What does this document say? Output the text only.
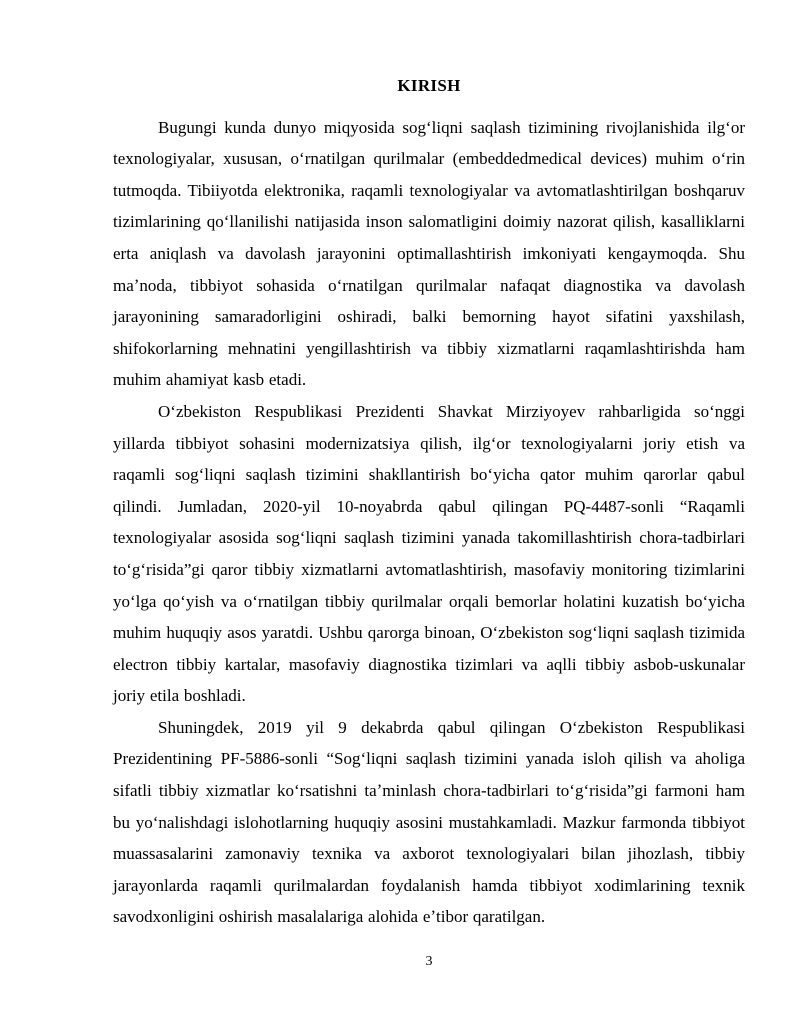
KIRISH

Bugungi kunda dunyo miqyosida sogʻliqni saqlash tizimining rivojlanishida ilgʻor texnologiyalar, xususan, oʻrnatilgan qurilmalar (embeddedmedical devices) muhim oʻrin tutmoqda. Tibiiyotda elektronika, raqamli texnologiyalar va avtomatlashtirilgan boshqaruv tizimlarining qoʻllanilishi natijasida inson salomatligini doimiy nazorat qilish, kasalliklarni erta aniqlash va davolash jarayonini optimallashtirish imkoniyati kengaymoqda. Shu maʼnoda, tibbiyot sohasida oʻrnatilgan qurilmalar nafaqat diagnostika va davolash jarayonining samaradorligini oshiradi, balki bemorning hayot sifatini yaxshilash, shifokorlarning mehnatini yengillashtirish va tibbiy xizmatlarni raqamlashtirishda ham muhim ahamiyat kasb etadi.

Oʻzbekiston Respublikasi Prezidenti Shavkat Mirziyoyev rahbarligida soʻnggi yillarda tibbiyot sohasini modernizatsiya qilish, ilgʻor texnologiyalarni joriy etish va raqamli sogʻliqni saqlash tizimini shakllantirish boʻyicha qator muhim qarorlar qabul qilindi. Jumladan, 2020-yil 10-noyabrda qabul qilingan PQ-4487-sonli “Raqamli texnologiyalar asosida sogʻliqni saqlash tizimini yanada takomillashtirish chora-tadbirlari toʻgʻrisida”gi qaror tibbiy xizmatlarni avtomatlashtirish, masofaviy monitoring tizimlarini yoʻlga qoʻyish va oʻrnatilgan tibbiy qurilmalar orqali bemorlar holatini kuzatish boʻyicha muhim huquqiy asos yaratdi. Ushbu qarorga binoan, Oʻzbekiston sogʻliqni saqlash tizimida electron tibbiy kartalar, masofaviy diagnostika tizimlari va aqlli tibbiy asbob-uskunalar joriy etila boshladi.

Shuningdek, 2019 yil 9 dekabrda qabul qilingan Oʻzbekiston Respublikasi Prezidentining PF-5886-sonli “Sogʻliqni saqlash tizimini yanada isloh qilish va aholiga sifatli tibbiy xizmatlar koʻrsatishni taʼminlash chora-tadbirlari toʻgʻrisida”gi farmoni ham bu yoʻnalishdagi islohotlarning huquqiy asosini mustahkamladi. Mazkur farmonda tibbiyot muassasalarini zamonaviy texnika va axborot texnologiyalari bilan jihozlash, tibbiy jarayonlarda raqamli qurilmalardan foydalanish hamda tibbiyot xodimlarining texnik savodxonligini oshirish masalalariga alohida eʼtibor qaratilgan.

3
